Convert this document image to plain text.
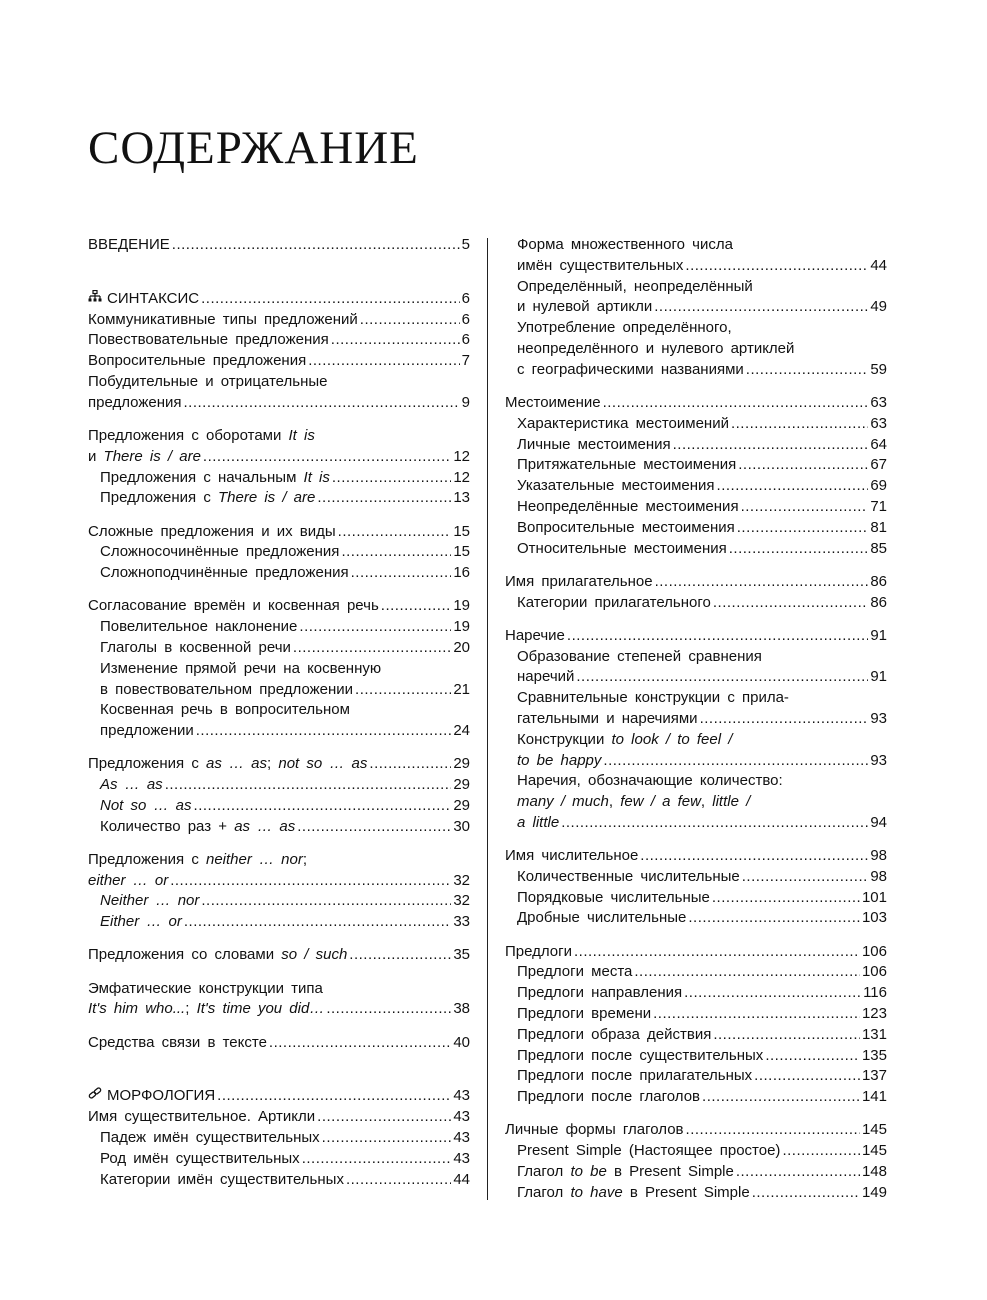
СОДЕРЖАНИЕ
ВВЕДЕНИЕ .....	5
СИНТАКСИС .....	6
Коммуникативные типы предложений .....	6
Повествовательные предложения .....	6
Вопросительные предложения .....	7
Побудительные и отрицательные
предложения .....	9
Предложения с оборотами It is
и There is / are .....	12
Предложения с начальным It is .....	12
Предложения с There is / are .....	13
Сложные предложения и их виды .....	15
Сложносочинённые предложения .....	15
Сложноподчинённые предложения .....	16
Согласование времён и косвенная речь .....	19
Повелительное наклонение .....	19
Глаголы в косвенной речи .....	20
Изменение прямой речи на косвенную
в повествовательном предложении .....	21
Косвенная речь в вопросительном
предложении .....	24
Предложения с as … as; not so … as .....	29
As … as .....	29
Not so … as .....	29
Количество раз + as … as .....	30
Предложения с neither … nor;
either … or .....	32
Neither … nor .....	32
Either … or .....	33
Предложения со словами so / such .....	35
Эмфатические конструкции типа
It's him who...; It's time you did… .....	38
Средства связи в тексте .....	40
МОРФОЛОГИЯ .....	43
Имя существительное. Артикли .....	43
Падеж имён существительных .....	43
Род имён существительных .....	43
Категории имён существительных .....	44
Форма множественного числа
имён существительных .....	44
Определённый, неопределённый
и нулевой артикли .....	49
Употребление определённого,
неопределённого и нулевого артиклей
с географическими названиями .....	59
Местоимение .....	63
Характеристика местоимений .....	63
Личные местоимения .....	64
Притяжательные местоимения .....	67
Указательные местоимения .....	69
Неопределённые местоимения .....	71
Вопросительные местоимения .....	81
Относительные местоимения .....	85
Имя прилагательное .....	86
Категории прилагательного .....	86
Наречие .....	91
Образование степеней сравнения
наречий .....	91
Сравнительные конструкции с прила-
гательными и наречиями .....	93
Конструкции to look / to feel /
to be happy .....	93
Наречия, обозначающие количество:
many / much, few / a few, little /
a little .....	94
Имя числительное .....	98
Количественные числительные .....	98
Порядковые числительные .....	101
Дробные числительные .....	103
Предлоги .....	106
Предлоги места .....	106
Предлоги направления .....	116
Предлоги времени .....	123
Предлоги образа действия .....	131
Предлоги после существительных .....	135
Предлоги после прилагательных .....	137
Предлоги после глаголов .....	141
Личные формы глаголов .....	145
Present Simple (Настоящее простое) .....	145
Глагол to be в Present Simple .....	148
Глагол to have в Present Simple .....	149
